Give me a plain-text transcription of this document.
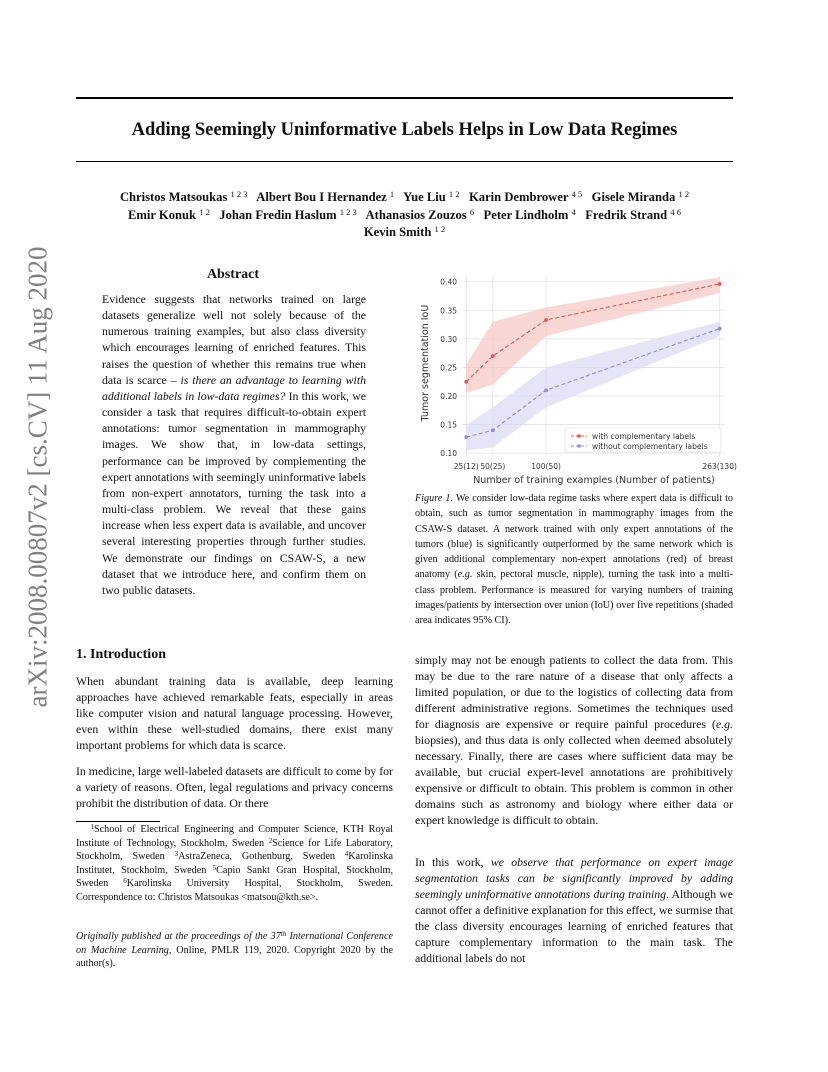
Adding Seemingly Uninformative Labels Helps in Low Data Regimes
Christos Matsoukas $^{1 2 3}$ Albert Bou I Hernandez $^1$ Yue Liu $^{1 2}$ Karin Dembrower $^{4 5}$ Gisele Miranda $^{1 2}$
Emir Konuk $^{1 2}$ Johan Fredin Haslum $^{1 2 3}$ Athanasios Zouzos $^6$ Peter Lindholm $^4$ Fredrik Strand $^{4 6}$
Kevin Smith $^{1 2}$
arXiv:2008.00807v2 [cs.CV] 11 Aug 2020	Abstract

Evidence suggests that networks trained on large datasets generalize well not solely because of the numerous training examples, but also class diversity which encourages learning of enriched features. This raises the question of whether this remains true when data is scarce – is there an advantage to learning with additional labels in low-data regimes? In this work, we consider a task that requires difficult-to-obtain expert annotations: tumor segmentation in mammography images. We show that, in low-data settings, performance can be improved by complementing the expert annotations with seemingly uninformative labels from non-expert annotators, turning the task into a multi-class problem. We reveal that these gains increase when less expert data is available, and uncover several interesting properties through further studies. We demonstrate our findings on CSAW-S, a new dataset that we introduce here, and confirm them on two public datasets.

1. Introduction

When abundant training data is available, deep learning approaches have achieved remarkable feats, especially in areas like computer vision and natural language processing. However, even within these well-studied domains, there exist many important problems for which data is scarce.

In medicine, large well-labeled datasets are difficult to come by for a variety of reasons. Often, legal regulations and privacy concerns prohibit the distribution of data. Or there

$^1$School of Electrical Engineering and Computer Science, KTH Royal Institute of Technology, Stockholm, Sweden $^2$Science for Life Laboratory, Stockholm, Sweden $^3$AstraZeneca, Gothenburg, Sweden $^4$Karolinska Institutet, Stockholm, Sweden $^5$Capio Sankt Gran Hospital, Stockholm, Sweden $^6$Karolinska University Hospital, Stockholm, Sweden. Correspondence to: Christos Matsoukas <matsou@kth.se>.

Originally published at the proceedings of the 37th International Conference on Machine Learning, Online, PMLR 119, 2020. Copyright 2020 by the author(s).

simply may not be enough patients to collect the data from. This may be due to the rare nature of a disease that only affects a limited population, or due to the logistics of collecting data from different administrative regions. Sometimes the techniques used for diagnosis are expensive or require painful procedures (e.g. biopsies), and thus data is only collected when deemed absolutely necessary. Finally, there are cases where sufficient data may be available, but crucial expert-level annotations are prohibitively expensive or difficult to obtain. This problem is common in other domains such as astronomy and biology where either data or expert knowledge is difficult to obtain.

In this work, we observe that performance on expert image segmentation tasks can be significantly improved by adding seemingly uninformative annotations during training. Although we cannot offer a definitive explanation for this effect, we surmise that the class diversity encourages learning of enriched features that capture complementary information to the main task. The additional labels do not

0.10
0.15
0.20
0.25
0.30
0.35
0.40
25(12) 50(25)	100(50)	263(130)
Tumor segmentation IoU
Number of training examples (Number of patients)
with complementary labels
without complementary labels

Figure 1. We consider low-data regime tasks where expert data is difficult to obtain, such as tumor segmentation in mammography images from the CSAW-S dataset. A network trained with only expert annotations of the tumors (blue) is significantly outperformed by the same network which is given additional complementary non-expert annotations (red) of breast anatomy (e.g. skin, pectoral muscle, nipple), turning the task into a multi-class problem. Performance is measured for varying numbers of training images/patients by intersection over union (IoU) over five repetitions (shaded area indicates 95% CI).
